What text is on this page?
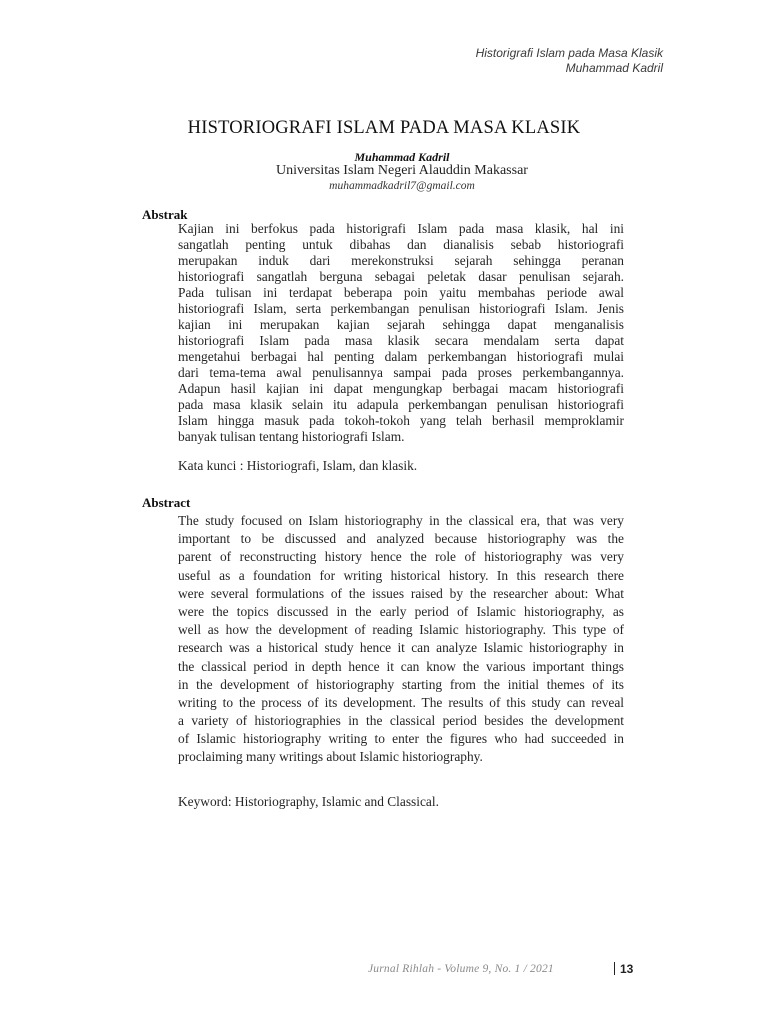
Historigrafi Islam pada Masa Klasik
Muhammad Kadril
HISTORIOGRAFI ISLAM PADA MASA KLASIK
Muhammad Kadril
Universitas Islam Negeri Alauddin Makassar
muhammadkadril7@gmail.com
Abstrak
Kajian ini berfokus pada historigrafi Islam pada masa klasik, hal ini
sangatlah penting untuk dibahas dan dianalisis sebab historiografi
merupakan induk dari merekonstruksi sejarah sehingga peranan
historiografi sangatlah berguna sebagai peletak dasar penulisan sejarah.
Pada tulisan ini terdapat beberapa poin yaitu membahas periode awal
historiografi Islam, serta perkembangan penulisan historiografi Islam. Jenis
kajian ini merupakan kajian sejarah sehingga dapat menganalisis
historiografi Islam pada masa klasik secara mendalam serta dapat
mengetahui berbagai hal penting dalam perkembangan historiografi mulai
dari tema-tema awal penulisannya sampai pada proses perkembangannya.
Adapun hasil kajian ini dapat mengungkap berbagai macam historiografi
pada masa klasik selain itu adapula perkembangan penulisan historiografi
Islam hingga masuk pada tokoh-tokoh yang telah berhasil memproklamir
banyak tulisan tentang historiografi Islam.
Kata kunci : Historiografi, Islam, dan klasik.
Abstract
The study focused on Islam historiography in the classical era, that was very
important to be discussed and analyzed because historiography was the
parent of reconstructing history hence the role of historiography was very
useful as a foundation for writing historical history. In this research there
were several formulations of the issues raised by the researcher about: What
were the topics discussed in the early period of Islamic historiography, as
well as how the development of reading Islamic historiography. This type of
research was a historical study hence it can analyze Islamic historiography in
the classical period in depth hence it can know the various important things
in the development of historiography starting from the initial themes of its
writing to the process of its development. The results of this study can reveal
a variety of historiographies in the classical period besides the development
of Islamic historiography writing to enter the figures who had succeeded in
proclaiming many writings about Islamic historiography.
Keyword: Historiography, Islamic and Classical.
Jurnal Rihlah - Volume 9, No. 1 / 2021	13
